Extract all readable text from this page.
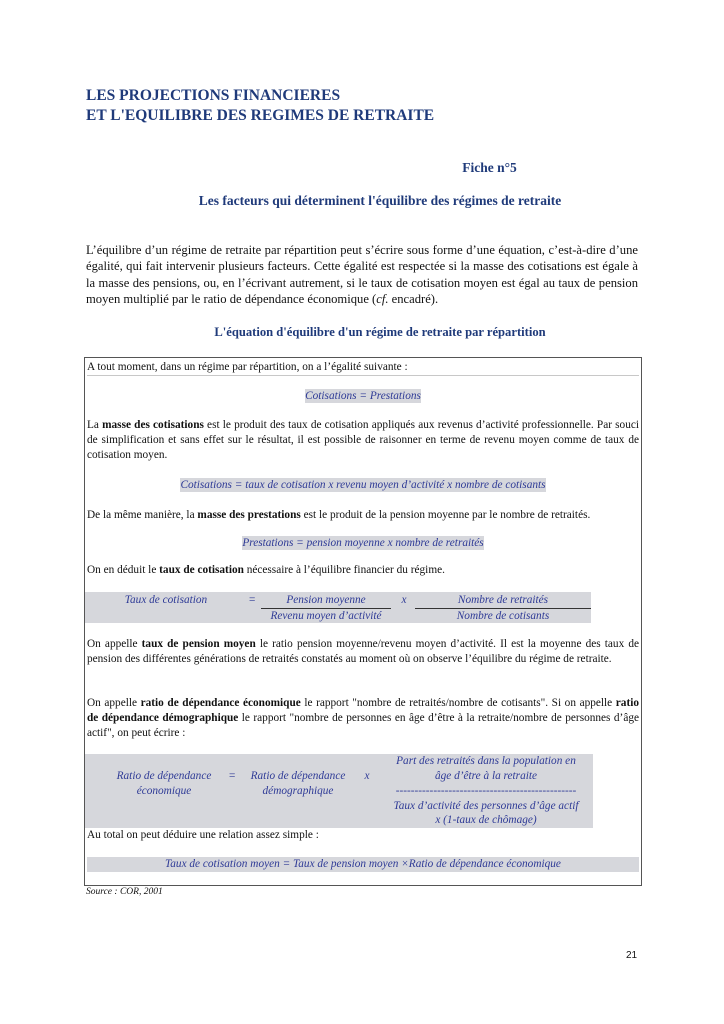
LES PROJECTIONS FINANCIERES
ET L'EQUILIBRE DES REGIMES DE RETRAITE
Fiche n°5
Les facteurs qui déterminent l'équilibre des régimes de retraite
L’équilibre d’un régime de retraite par répartition peut s’écrire sous forme d’une équation, c’est-à-dire d’une égalité, qui fait intervenir plusieurs facteurs. Cette égalité est respectée si la masse des cotisations est égale à la masse des pensions, ou, en l’écrivant autrement, si le taux de cotisation moyen est égal au taux de pension moyen multiplié par le ratio de dépendance économique (cf. encadré).
L'équation d'équilibre d'un régime de retraite par répartition
A tout moment, dans un régime par répartition, on a l’égalité suivante :
Cotisations = Prestations
La masse des cotisations est le produit des taux de cotisation appliqués aux revenus d’activité professionnelle. Par souci de simplification et sans effet sur le résultat, il est possible de raisonner en terme de revenu moyen comme de taux de cotisation moyen.
Cotisations = taux de cotisation x revenu moyen d’activité x nombre de cotisants
De la même manière, la masse des prestations est le produit de la pension moyenne par le nombre de retraités.
Prestations = pension moyenne x nombre de retraités
On en déduit le taux de cotisation nécessaire à l’équilibre financier du régime.
Taux de cotisation	=	Pension moyenne
Revenu moyen d’activité
x	Nombre de retraités
Nombre de cotisants
On appelle taux de pension moyen le ratio pension moyenne/revenu moyen d’activité. Il est la moyenne des taux de pension des différentes générations de retraités constatés au moment où on observe l’équilibre du régime de retraite.
On appelle ratio de dépendance économique le rapport "nombre de retraités/nombre de cotisants". Si on appelle ratio de dépendance démographique le rapport "nombre de personnes en âge d’être à la retraite/nombre de personnes d’âge actif", on peut écrire :
Ratio de dépendance
économique
=	Ratio de dépendance
démographique
x
Part des retraités dans la population en
âge d’être à la retraite
------------------------------------------------
Taux d’activité des personnes d’âge actif
x (1-taux de chômage)
Au total on peut déduire une relation assez simple :
Taux de cotisation moyen = Taux de pension moyen ×Ratio de dépendance économique
Source : COR, 2001
21
